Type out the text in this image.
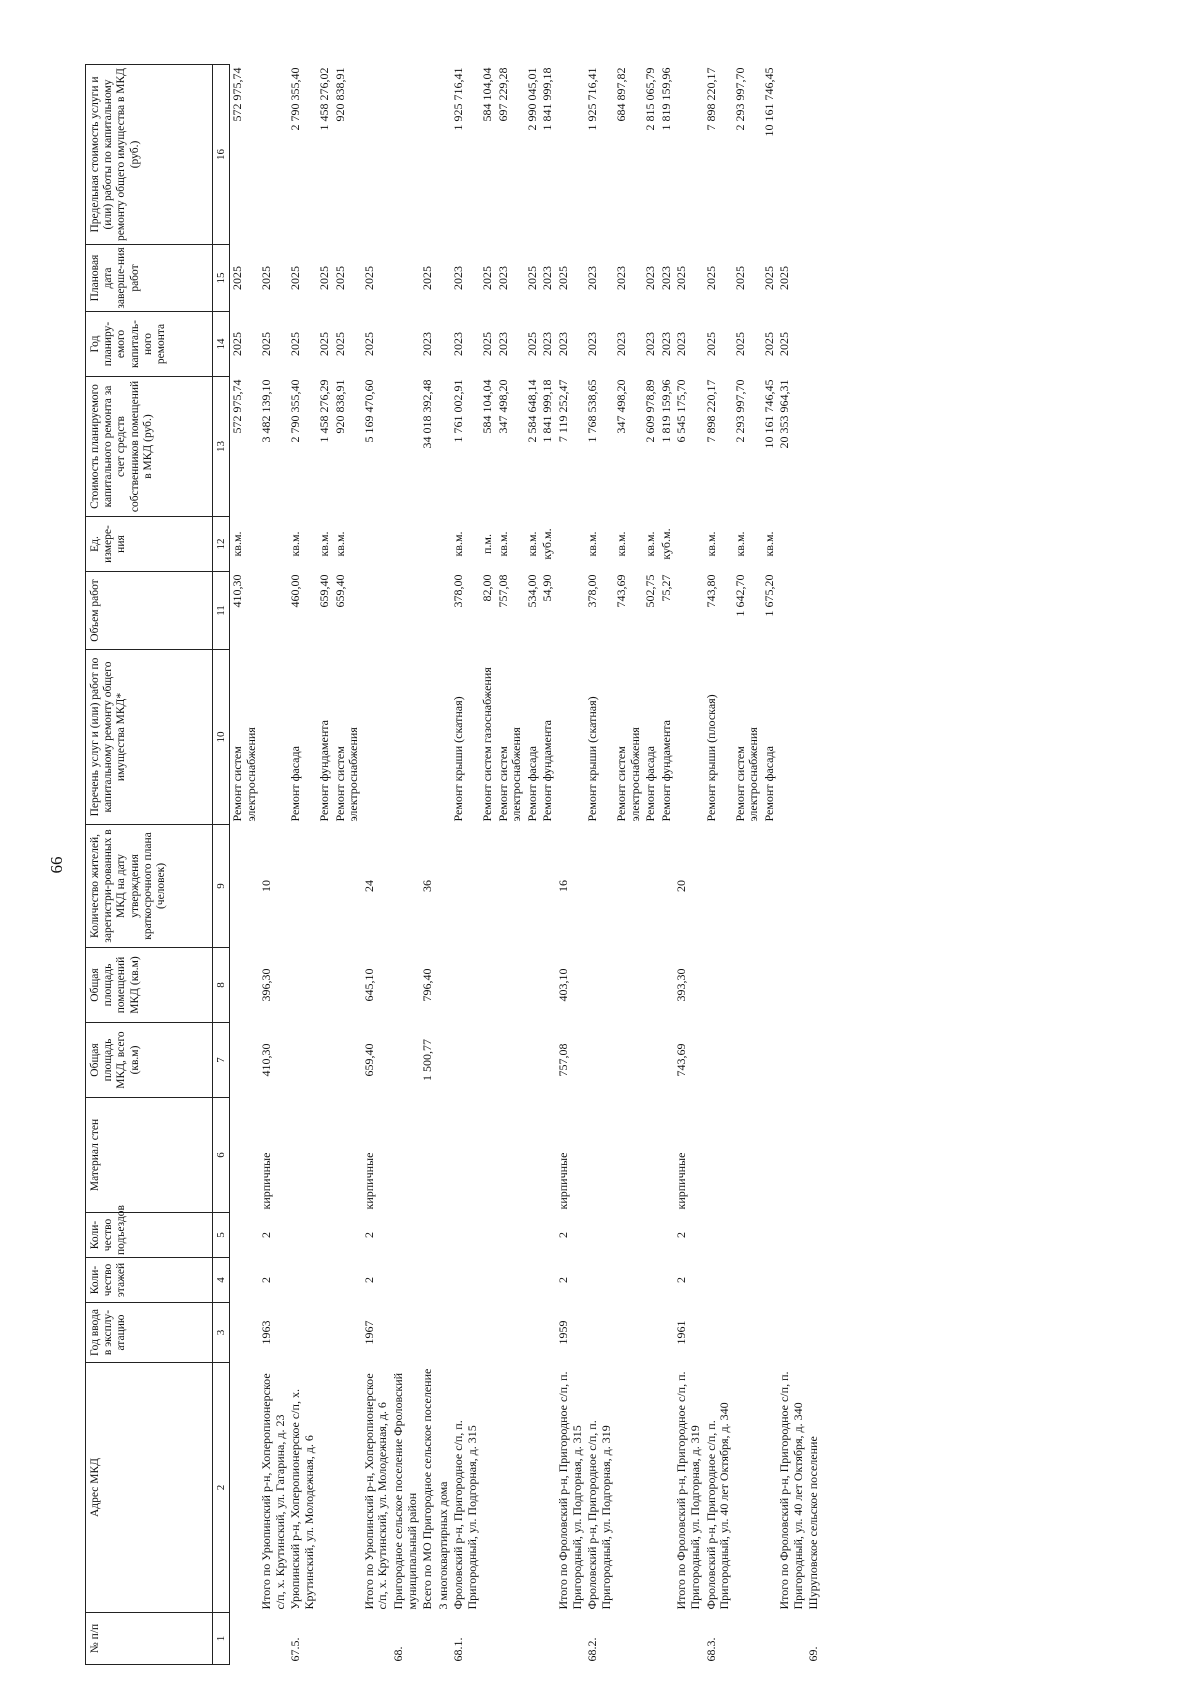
66
№ п/п	Адрес МКД	Год ввода в эксплу-атацию	Коли-чество этажей	Коли-чество подъездов	Материал стен	Общая площадь МКД, всего (кв.м)	Общая площадь помещений МКД (кв.м)	Количество жителей, зарегистри-рованных в МКД на дату утверждения краткосрочного плана (человек)	Перечень услуг и (или) работ по капитальному ремонту общего имущества МКД*	Объем работ	Ед. измере-ния	Стоимость планируемого капитального ремонта за счет средств собственников помещений в МКД (руб.)	Год планиру-емого капиталь-ного ремонта	Плановая дата заверше-ния работ	Предельная стоимость услуги и (или) работы по капитальному ремонту общего имущества в МКД (руб.)
1	2	3	4	5	6	7	8	9	10	11	12	13	14	15	16
									Ремонт систем электроснабжения	410,30	кв.м.	572 975,74	2025	2025	572 975,74
	Итого по Урюпинский р-н, Хоперопионерское с/п, х. Крутинский, ул. Гагарина, д. 23	1963	2	2	кирпичные	410,30	396,30	10				3 482 139,10	2025	2025	
67.5.	Урюпинский р-н, Хоперопионерское с/п, х. Крутинский, ул. Молодежная, д. 6								Ремонт фасада	460,00	кв.м.	2 790 355,40	2025	2025	2 790 355,40
									Ремонт фундамента	659,40	кв.м.	1 458 276,29	2025	2025	1 458 276,02
									Ремонт систем электроснабжения	659,40	кв.м.	920 838,91	2025	2025	920 838,91
	Итого по Урюпинский р-н, Хоперопионерское с/п, х. Крутинский, ул. Молодежная, д. 6	1967	2	2	кирпичные	659,40	645,10	24				5 169 470,60	2025	2025	
68.	Пригородное сельское поселение Фроловский муниципальный район														
	Всего по МО Пригородное сельское поселение					1 500,77	796,40	36				34 018 392,48	2023	2025	
	3 многоквартирных дома														
68.1.	Фроловский р-н, Пригородное с/п, п. Пригородный, ул. Подгорная, д. 315								Ремонт крыши (скатная)	378,00	кв.м.	1 761 002,91	2023	2023	1 925 716,41
									Ремонт систем газоснабжения	82,00	п.м.	584 104,04	2025	2025	584 104,04
									Ремонт систем электроснабжения	757,08	кв.м.	347 498,20	2023	2023	697 229,28
									Ремонт фасада	534,00	кв.м.	2 584 648,14	2025	2025	2 990 045,01
									Ремонт фундамента	54,90	куб.м.	1 841 999,18	2023	2023	1 841 999,18
	Итого по Фроловский р-н, Пригородное с/п, п. Пригородный, ул. Подгорная, д. 315	1959	2	2	кирпичные	757,08	403,10	16				7 119 252,47	2023	2025	
68.2.	Фроловский р-н, Пригородное с/п, п. Пригородный, ул. Подгорная, д. 319								Ремонт крыши (скатная)	378,00	кв.м.	1 768 538,65	2023	2023	1 925 716,41
									Ремонт систем электроснабжения	743,69	кв.м.	347 498,20	2023	2023	684 897,82
									Ремонт фасада	502,75	кв.м.	2 609 978,89	2023	2023	2 815 065,79
									Ремонт фундамента	75,27	куб.м.	1 819 159,96	2023	2023	1 819 159,96
	Итого по Фроловский р-н, Пригородное с/п, п. Пригородный, ул. Подгорная, д. 319	1961	2	2	кирпичные	743,69	393,30	20				6 545 175,70	2023	2025	
68.3.	Фроловский р-н, Пригородное с/п, п. Пригородный, ул. 40 лет Октября, д. 340								Ремонт крыши (плоская)	743,80	кв.м.	7 898 220,17	2025	2025	7 898 220,17
									Ремонт систем электроснабжения	1 642,70	кв.м.	2 293 997,70	2025	2025	2 293 997,70
									Ремонт фасада	1 675,20	кв.м.	10 161 746,45	2025	2025	10 161 746,45
	Итого по Фроловский р-н, Пригородное с/п, п. Пригородный, ул. 40 лет Октября, д. 340											20 353 964,31	2025	2025	
69.	Шуруповское сельское поселение														
